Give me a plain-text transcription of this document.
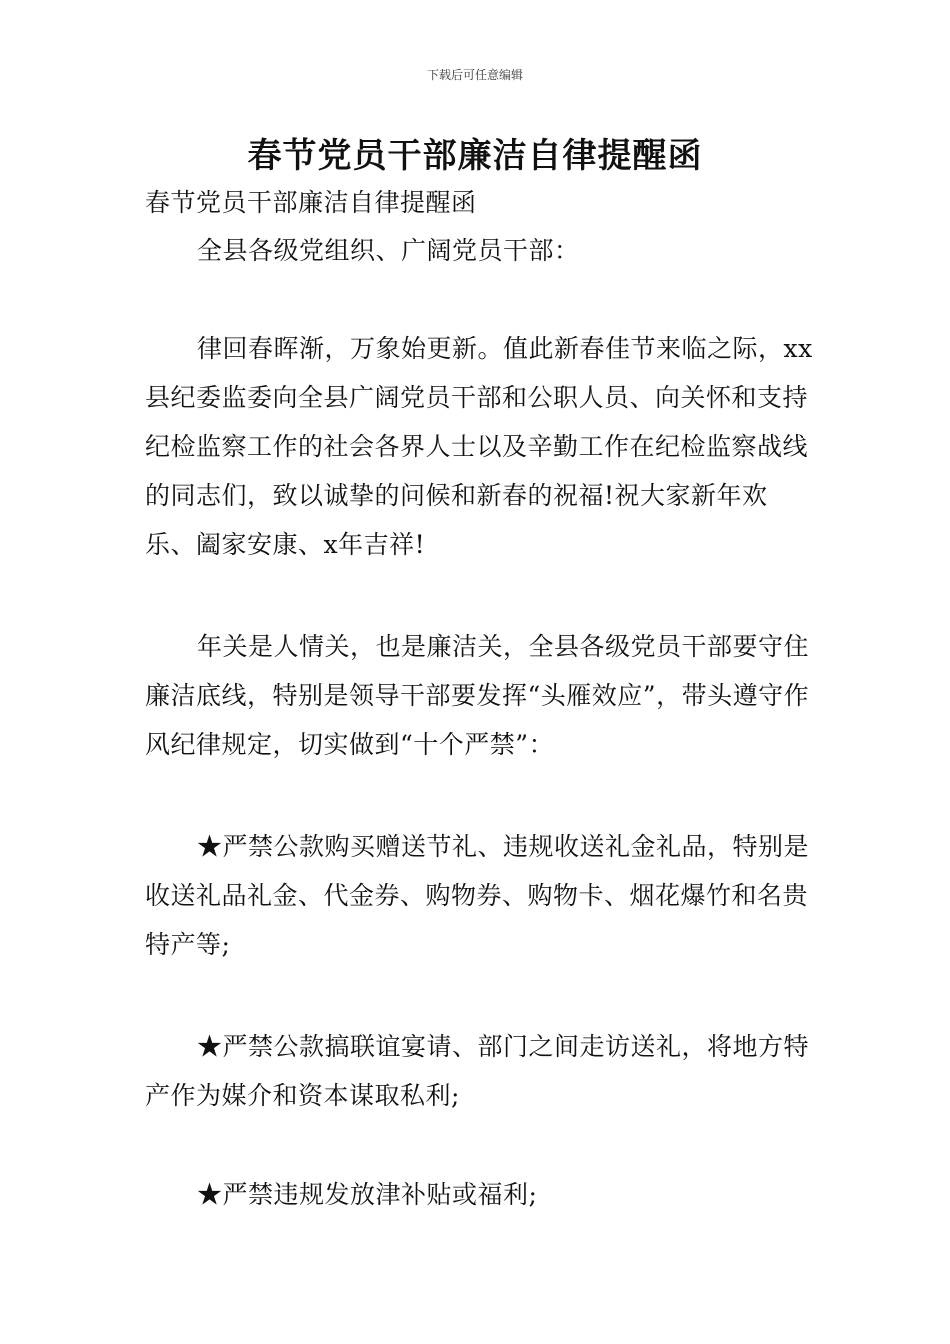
下载后可任意编辑
春节党员干部廉洁自律提醒函

春节党员干部廉洁自律提醒函

全县各级党组织、广阔党员干部：

律回春晖渐，万象始更新。值此新春佳节来临之际，xx县纪委监委向全县广阔党员干部和公职人员、向关怀和支持纪检监察工作的社会各界人士以及辛勤工作在纪检监察战线的同志们，致以诚挚的问候和新春的祝福!祝大家新年欢乐、阖家安康、x年吉祥!

年关是人情关，也是廉洁关，全县各级党员干部要守住廉洁底线，特别是领导干部要发挥“头雁效应”，带头遵守作风纪律规定，切实做到“十个严禁”：

★严禁公款购买赠送节礼、违规收送礼金礼品，特别是收送礼品礼金、代金券、购物券、购物卡、烟花爆竹和名贵特产等;

★严禁公款搞联谊宴请、部门之间走访送礼，将地方特产作为媒介和资本谋取私利;

★严禁违规发放津补贴或福利;
